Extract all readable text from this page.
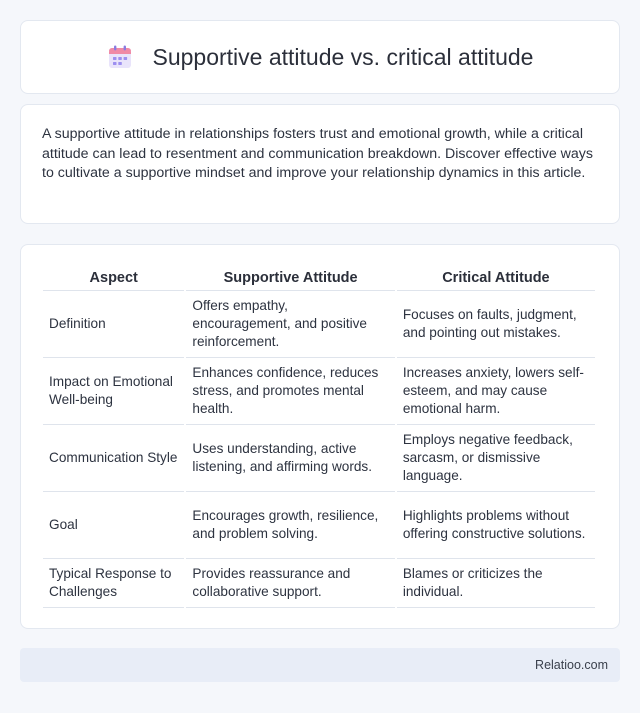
Supportive attitude vs. critical attitude

A supportive attitude in relationships fosters trust and emotional growth, while a critical attitude can lead to resentment and communication breakdown. Discover effective ways to cultivate a supportive mindset and improve your relationship dynamics in this article.

Aspect	Supportive Attitude	Critical Attitude
Definition	Offers empathy, encouragement, and positive reinforcement.	Focuses on faults, judgment, and pointing out mistakes.
Impact on Emotional Well-being	Enhances confidence, reduces stress, and promotes mental health.	Increases anxiety, lowers self-esteem, and may cause emotional harm.
Communication Style	Uses understanding, active listening, and affirming words.	Employs negative feedback, sarcasm, or dismissive language.
Goal	Encourages growth, resilience, and problem solving.	Highlights problems without offering constructive solutions.
Typical Response to Challenges	Provides reassurance and collaborative support.	Blames or criticizes the individual.
Relatioo.com
